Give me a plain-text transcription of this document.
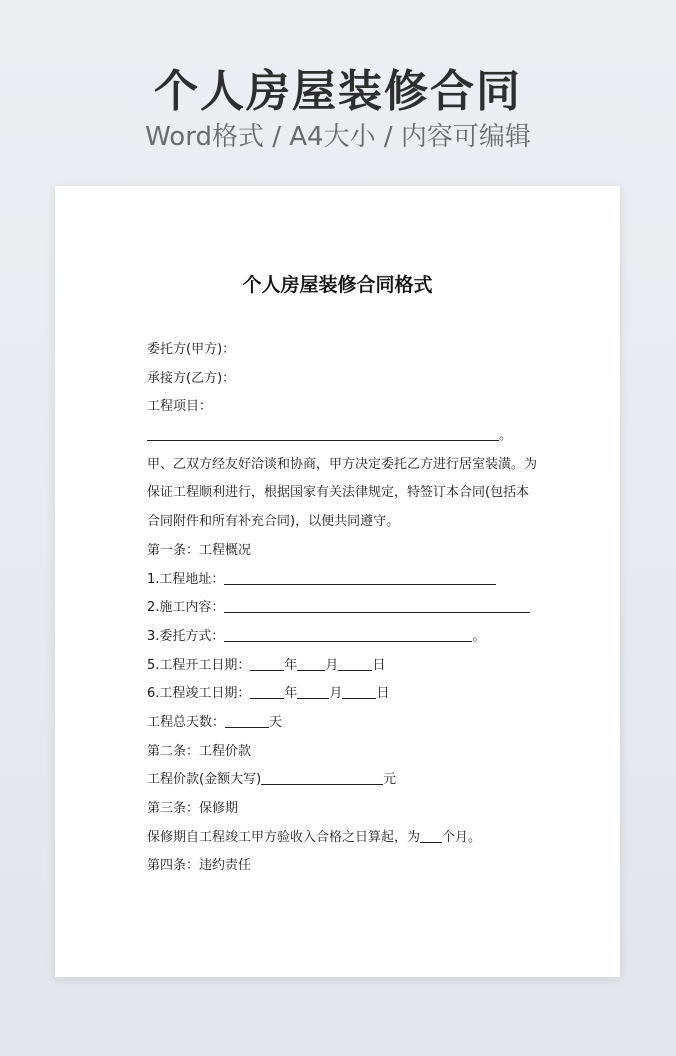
个人房屋装修合同
Word格式 / A4大小 / 内容可编辑
个人房屋装修合同格式
委托方(甲方)：
承接方(乙方)：
工程项目：
。
甲、乙双方经友好洽谈和协商，甲方决定委托乙方进行居室装潢。为
保证工程顺利进行，根据国家有关法律规定，特签订本合同(包括本
合同附件和所有补充合同)，以便共同遵守。
第一条：工程概况
1.工程地址：
2.施工内容：
3.委托方式：	。
5.工程开工日期：	年 月	日
6.工程竣工日期：	年 月	日
工程总天数：	天
第二条：工程价款
工程价款(金额大写)	元
第三条：保修期
保修期自工程竣工甲方验收入合格之日算起，为 个月。
第四条：违约责任
